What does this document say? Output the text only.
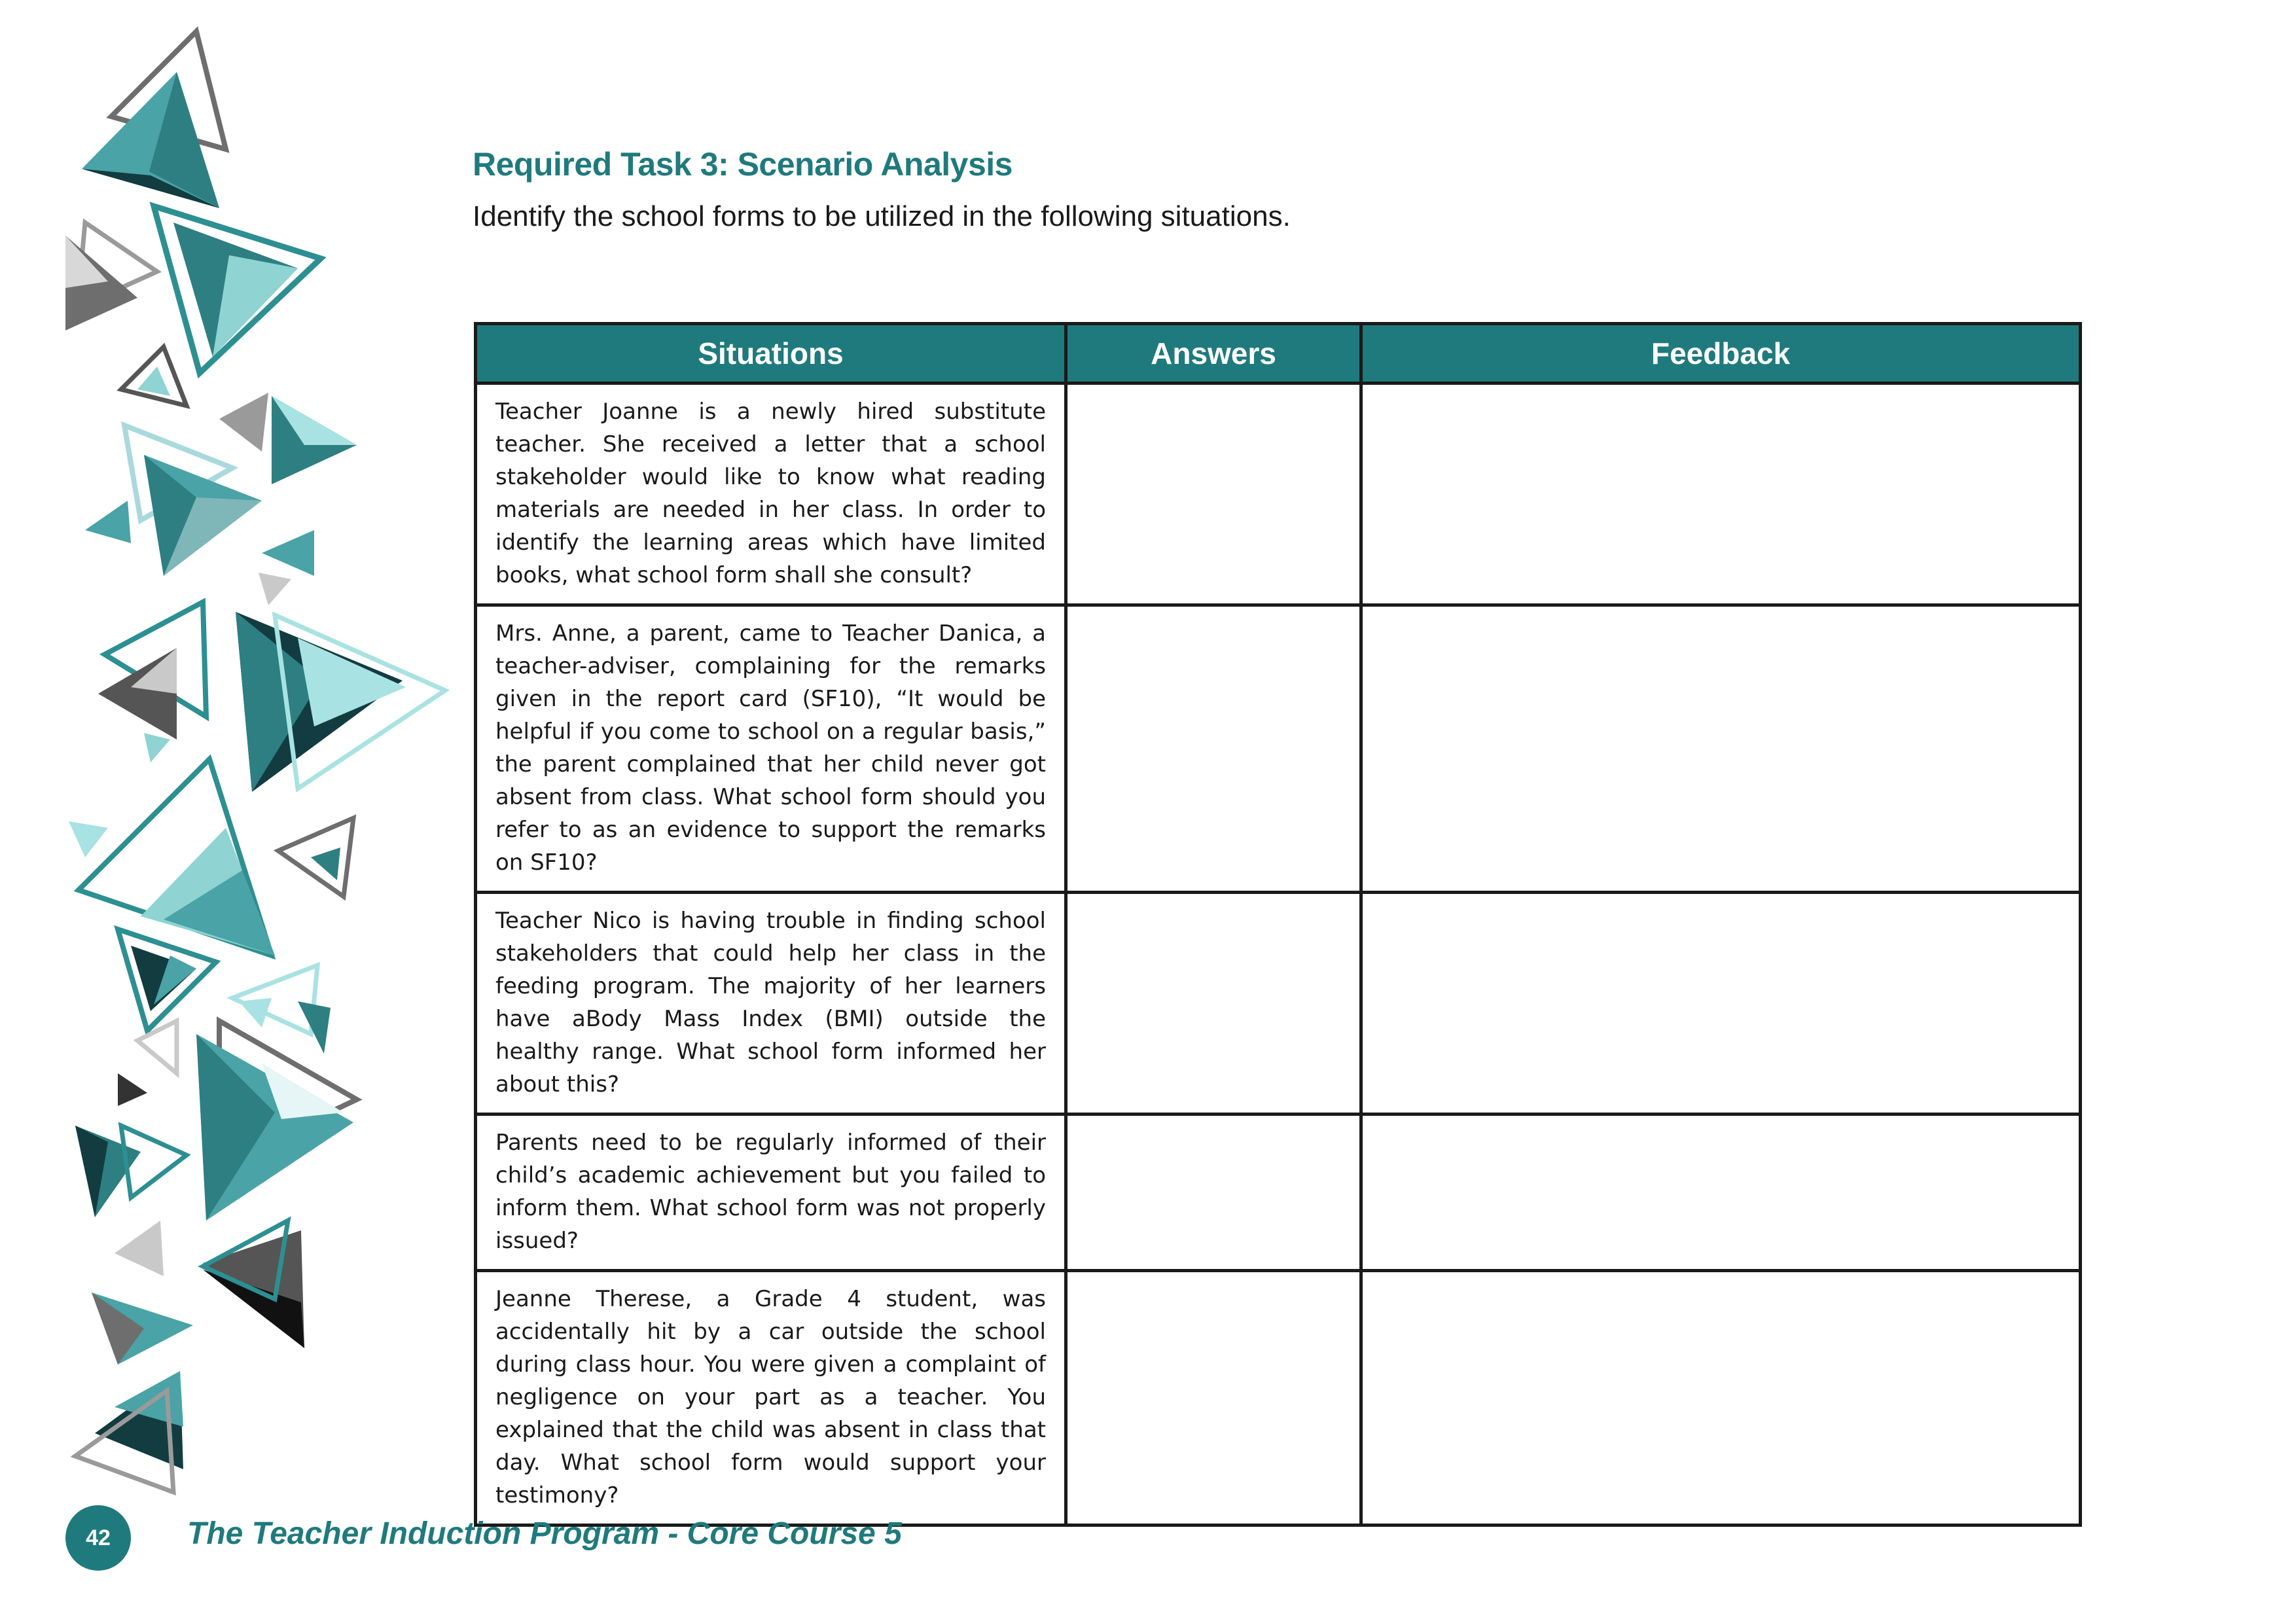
Required Task 3: Scenario Analysis
Identify the school forms to be utilized in the following situations.
Situations	Answers	Feedback

Teacher Joanne is a newly hired substitute teacher. She received a letter that a school stakeholder would like to know what reading materials are needed in her class. In order to identify the learning areas which have limited books, what school form shall she consult?		

Mrs. Anne, a parent, came to Teacher Danica, a teacher-adviser, complaining for the remarks given in the report card (SF10), “It would be helpful if you come to school on a regular basis,” the parent complained that her child never got absent from class. What school form should you refer to as an evidence to support the remarks on SF10?		

Teacher Nico is having trouble in finding school stakeholders that could help her class in the feeding program. The majority of her learners have aBody Mass Index (BMI) outside the healthy range. What school form informed her about this?		

Parents need to be regularly informed of their child’s academic achievement but you failed to inform them. What school form was not properly issued?		

Jeanne Therese, a Grade 4 student, was accidentally hit by a car outside the school during class hour. You were given a complaint of negligence on your part as a teacher. You explained that the child was absent in class that day. What school form would support your testimony?		

42 The Teacher Induction Program - Core Course 5
